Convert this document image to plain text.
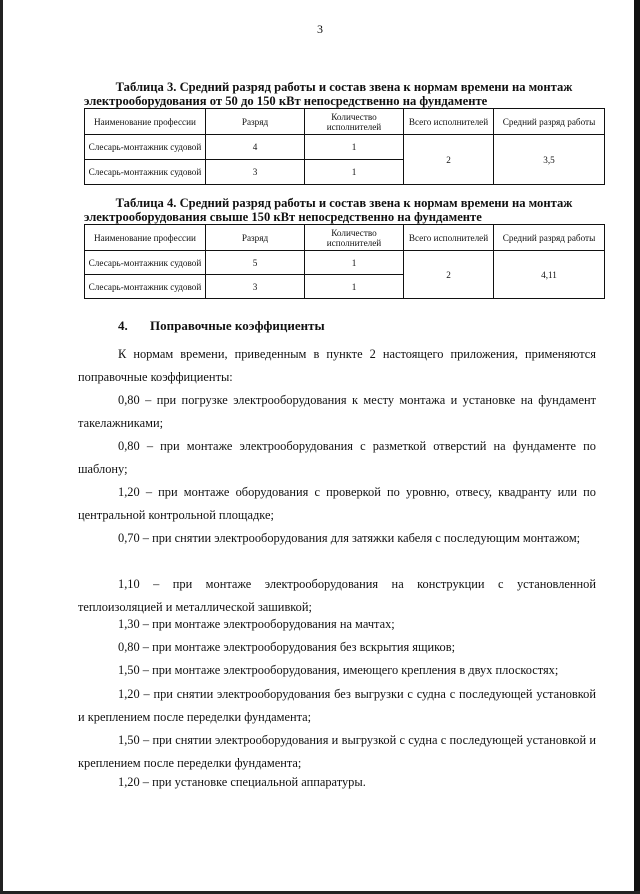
3
Таблица 3. Средний разряд работы и состав звена к нормам времени на монтаж
электрооборудования от 50 до 150 кВт непосредственно на фундаменте
Наименование профессии	Разряд	Количество исполнителей	Всего исполнителей	Средний разряд работы
Слесарь-монтажник судовой	4	1	2	3,5
Слесарь-монтажник судовой	3	1		
Таблица 4. Средний разряд работы и состав звена к нормам времени на монтаж
электрооборудования свыше 150 кВт непосредственно на фундаменте
Наименование профессии	Разряд	Количество исполнителей	Всего исполнителей	Средний разряд работы
Слесарь-монтажник судовой	5	1	2	4,11
Слесарь-монтажник судовой	3	1		
4. Поправочные коэффициенты
К нормам времени, приведенным в пункте 2 настоящего приложения, применяются поправочные коэффициенты:
0,80 – при погрузке электрооборудования к месту монтажа и установке на фундамент такелажниками;
0,80 – при монтаже электрооборудования с разметкой отверстий на фундаменте по шаблону;
1,20 – при монтаже оборудования с проверкой по уровню, отвесу, квадранту или по центральной контрольной площадке;
0,70 – при снятии электрооборудования для затяжки кабеля с последующим монтажом;
1,10 – при монтаже электрооборудования на конструкции с установленной теплоизоляцией и металлической зашивкой;
1,30 – при монтаже электрооборудования на мачтах;
0,80 – при монтаже электрооборудования без вскрытия ящиков;
1,50 – при монтаже электрооборудования, имеющего крепления в двух плоскостях;
1,20 – при снятии электрооборудования без выгрузки с судна с последующей установкой и креплением после переделки фундамента;
1,50 – при снятии электрооборудования и выгрузкой с судна с последующей установкой и креплением после переделки фундамента;
1,20 – при установке специальной аппаратуры.
